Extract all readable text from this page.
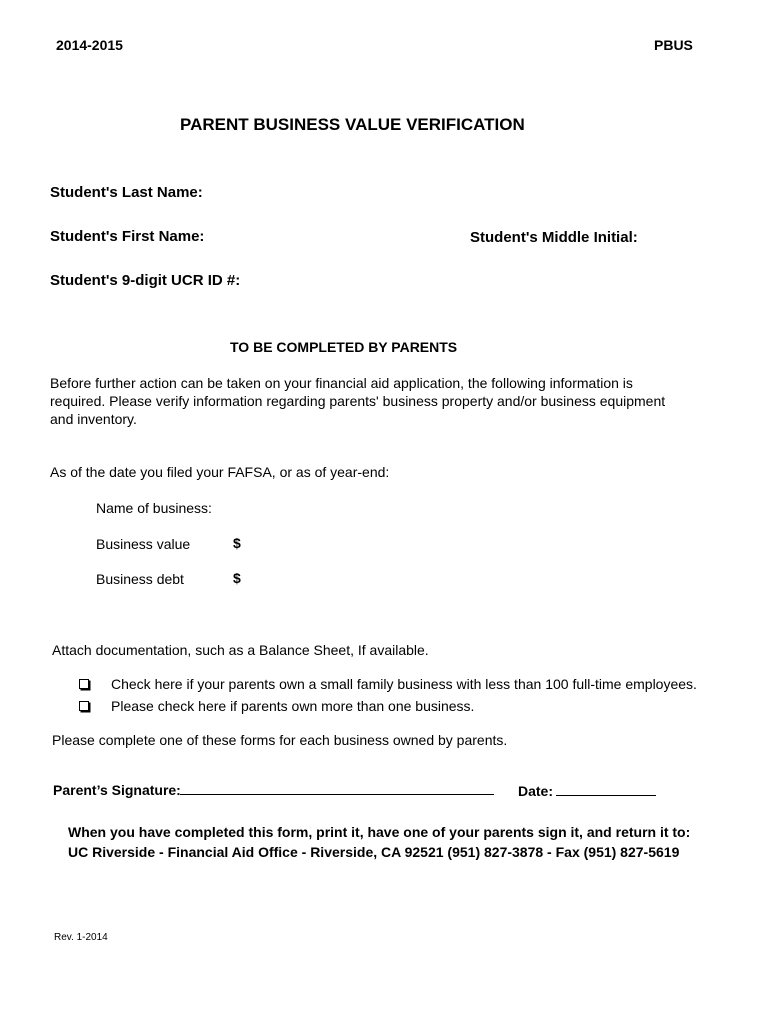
2014-2015	PBUS
PARENT BUSINESS VALUE VERIFICATION
Student's Last Name:
Student's First Name:	Student's Middle Initial:
Student's 9-digit UCR ID #:
TO BE COMPLETED BY PARENTS
Before further action can be taken on your financial aid application, the following information is required. Please verify information regarding parents' business property and/or business equipment and inventory.
As of the date you filed your FAFSA, or as of year-end:
Name of business:
Business value	$
Business debt	$
Attach documentation, such as a Balance Sheet, If available.
Check here if your parents own a small family business with less than 100 full-time employees.
Please check here if parents own more than one business.
Please complete one of these forms for each business owned by parents.
Parent’s Signature:	Date:
When you have completed this form, print it, have one of your parents sign it, and return it to:
UC Riverside - Financial Aid Office - Riverside, CA 92521 (951) 827-3878 - Fax (951) 827-5619
Rev. 1-2014
